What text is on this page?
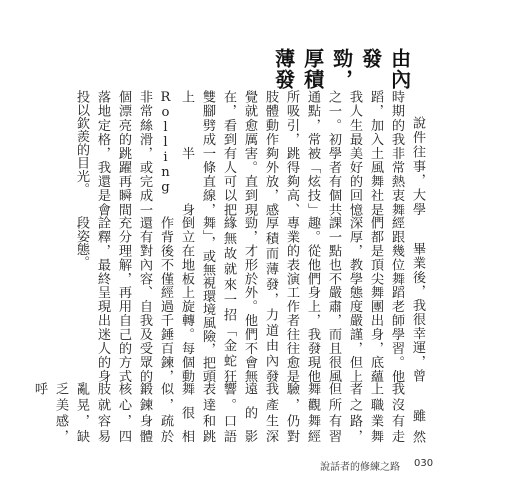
由內發勁，厚積薄發

說件往事，大學時期的我非常熱衷舞蹈，加入土風舞社是我人生最美好的回憶之一。初學者有個共通點，常被「炫技」所吸引，跳得夠高、肢體動作夠外放，感覺就愈厲害。直到現在，看到有人可以把雙腳劈成一條直線，上半身 Rolling 非常絲滑，或完成一個漂亮的跳躍再瞬間落地定格，我還是會投以欽羨的目光。

畢業後，我很幸運，曾經跟幾位舞蹈老師學習。他們都是頂尖舞團出身，底蘊深厚，教學態度嚴謹，但上課一點也不嚴肅，而且很風趣。從他們身上，我發現他專業的表演工作者往往愈是厚積而薄發，力道由內發勁，才形於外。他們不會無緣無故就來一招「金蛇狂舞」，或無視環境風險，把頭倒立在地板上旋轉。每個動作背後不僅經過千錘百鍊，還有對內容、自我及受眾的充分理解，再用自己的方式詮釋，最終呈現出迷人的身段姿態。

雖然我沒有走上職業舞者之路，但所有習舞觀舞經驗，仍對我產生深遠的影響。口語表達和跳舞很相似，疏於鍛鍊身體核心，四肢就容易亂晃，缺乏美感，呼

說話者的修練之路 030
